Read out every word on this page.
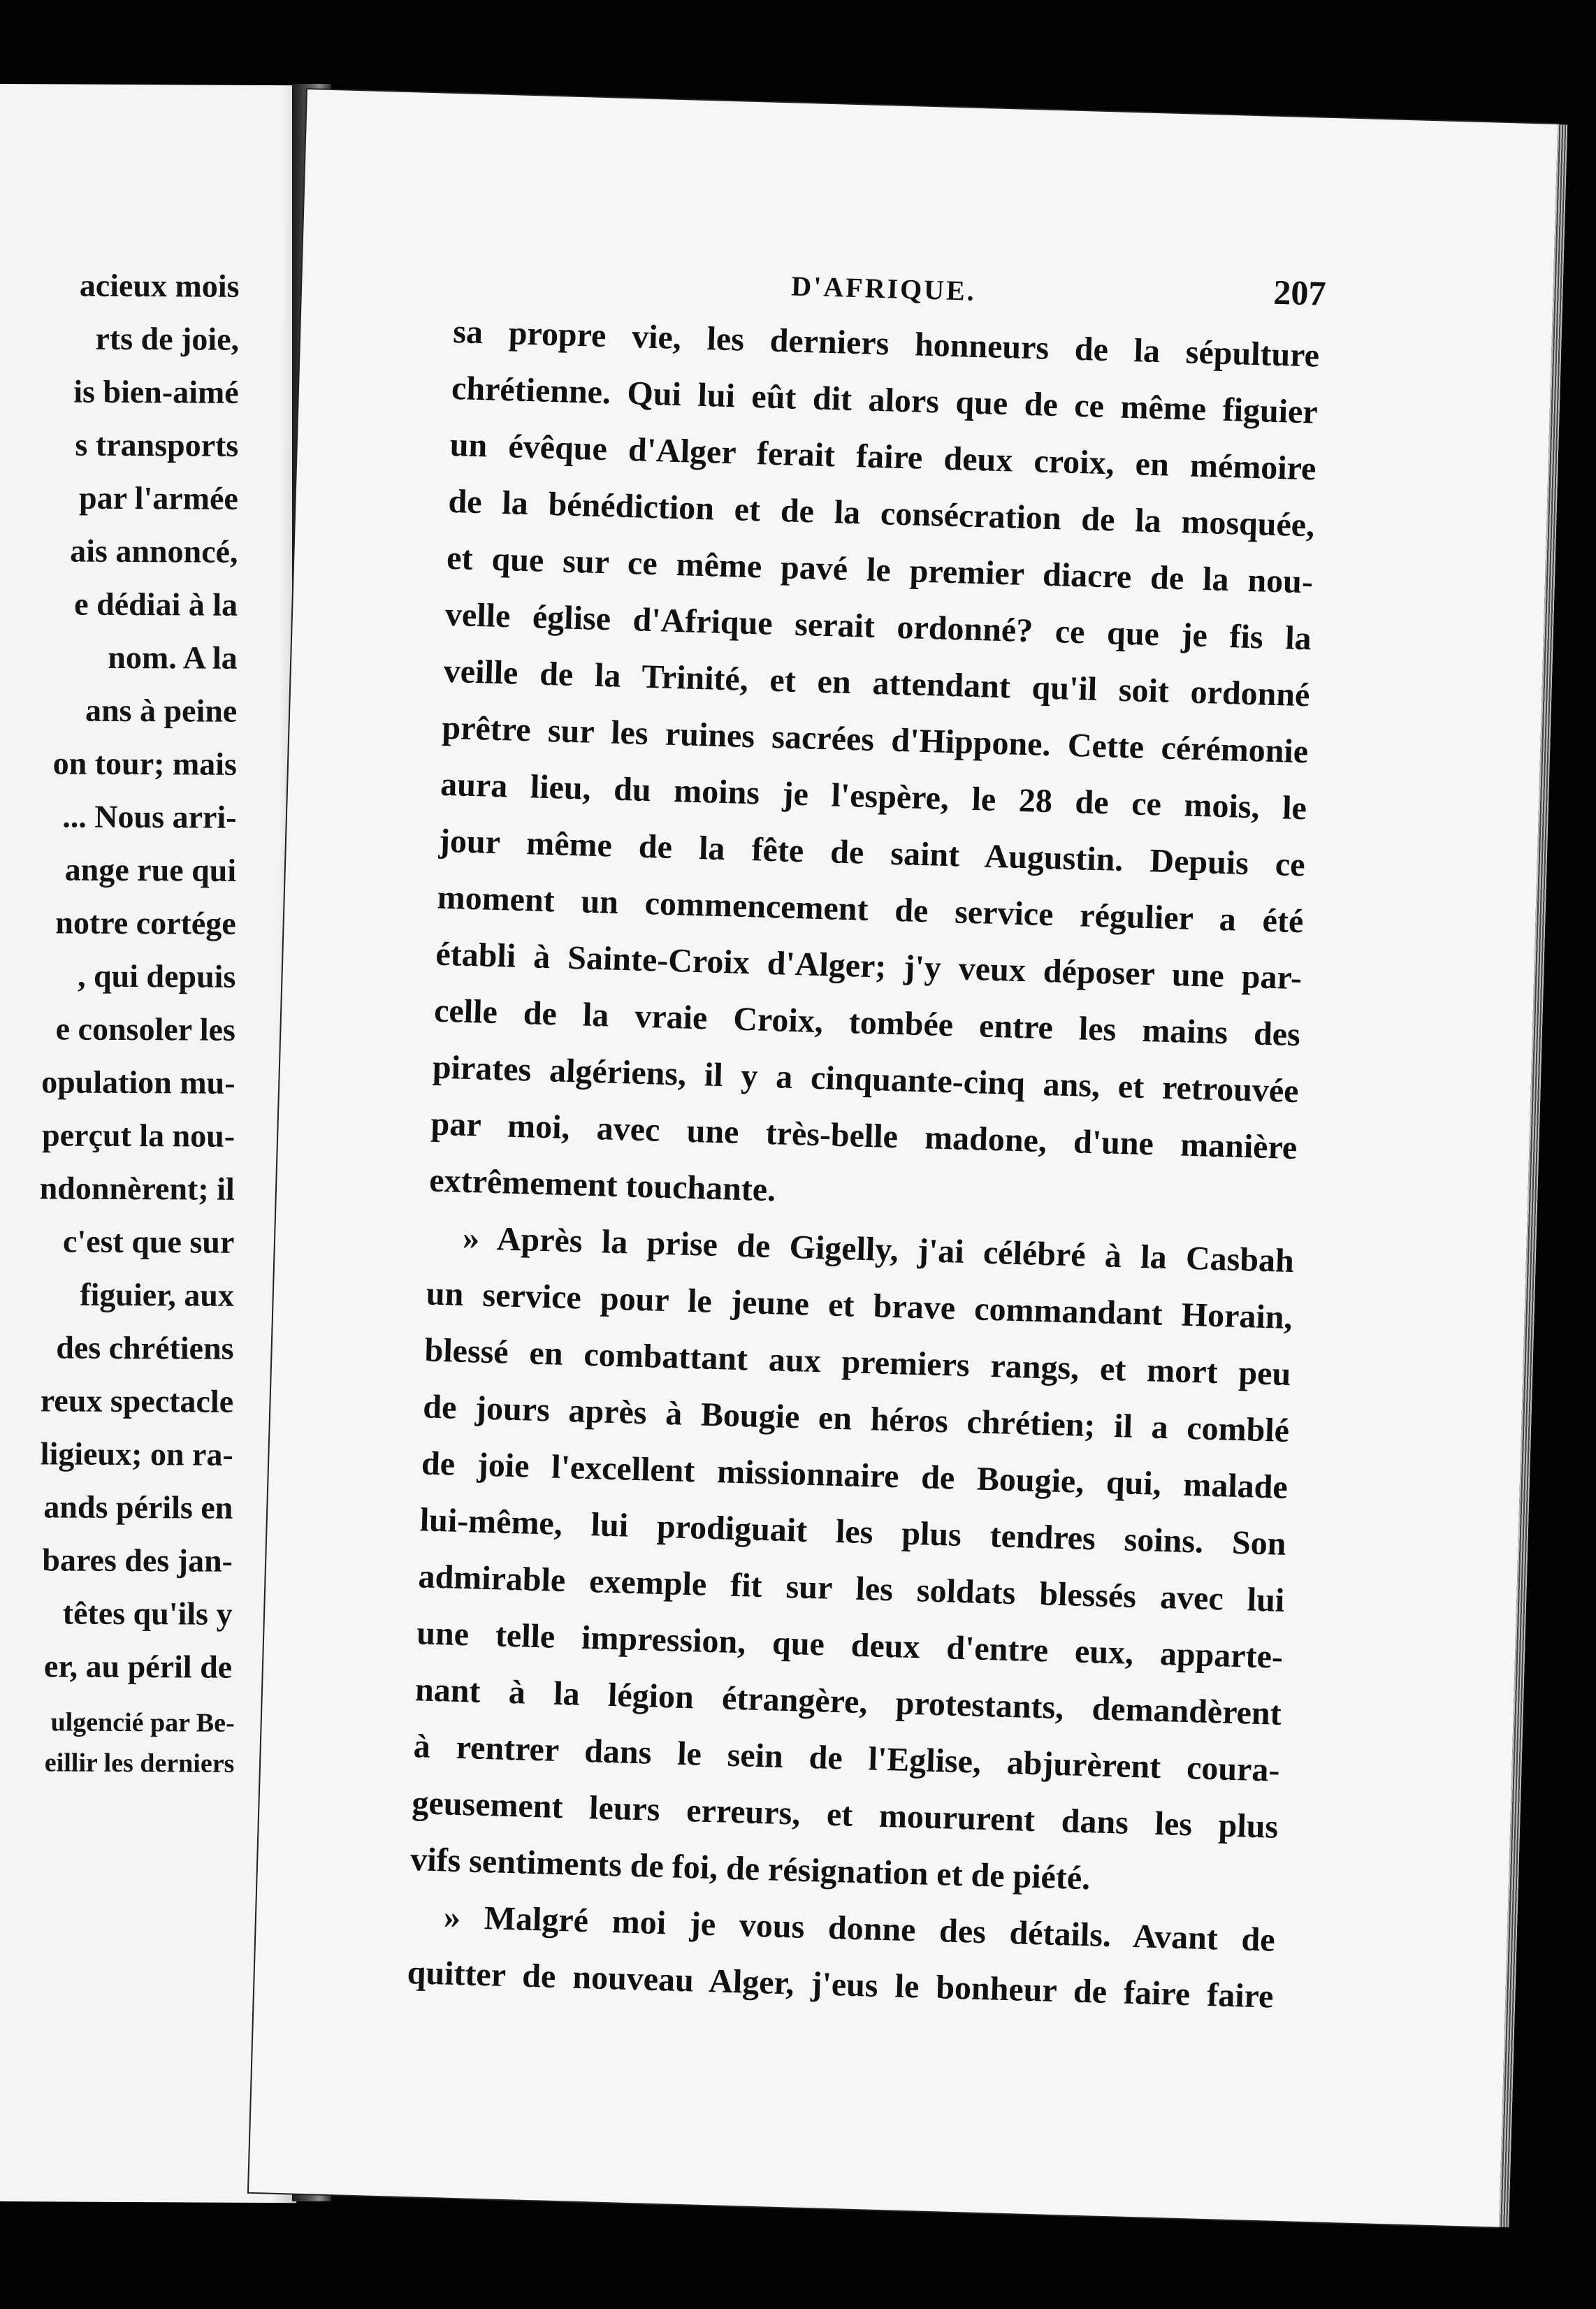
acieux mois
rts de joie,
is bien-aimé
s transports
par l'armée
ais annoncé,
e dédiai à la
nom. A la
ans à peine
on tour; mais
... Nous arri-
ange rue qui
notre cortége
, qui depuis
e consoler les
opulation mu-
perçut la nou-
ndonnèrent; il
c'est que sur
figuier, aux
des chrétiens
reux spectacle
ligieux; on ra-
ands périls en
bares des jan-
têtes qu'ils y
er, au péril de
ulgencié par Be-
eillir les derniers
D'AFRIQUE.	207
sa propre vie, les derniers honneurs de la sépulture
chrétienne. Qui lui eût dit alors que de ce même figuier
un évêque d'Alger ferait faire deux croix, en mémoire
de la bénédiction et de la consécration de la mosquée,
et que sur ce même pavé le premier diacre de la nou-
velle église d'Afrique serait ordonné? ce que je fis la
veille de la Trinité, et en attendant qu'il soit ordonné
prêtre sur les ruines sacrées d'Hippone. Cette cérémonie
aura lieu, du moins je l'espère, le 28 de ce mois, le
jour même de la fête de saint Augustin. Depuis ce
moment un commencement de service régulier a été
établi à Sainte-Croix d'Alger; j'y veux déposer une par-
celle de la vraie Croix, tombée entre les mains des
pirates algériens, il y a cinquante-cinq ans, et retrouvée
par moi, avec une très-belle madone, d'une manière
extrêmement touchante.
» Après la prise de Gigelly, j'ai célébré à la Casbah
un service pour le jeune et brave commandant Horain,
blessé en combattant aux premiers rangs, et mort peu
de jours après à Bougie en héros chrétien; il a comblé
de joie l'excellent missionnaire de Bougie, qui, malade
lui-même, lui prodiguait les plus tendres soins. Son
admirable exemple fit sur les soldats blessés avec lui
une telle impression, que deux d'entre eux, apparte-
nant à la légion étrangère, protestants, demandèrent
à rentrer dans le sein de l'Eglise, abjurèrent coura-
geusement leurs erreurs, et moururent dans les plus
vifs sentiments de foi, de résignation et de piété.
» Malgré moi je vous donne des détails. Avant de
quitter de nouveau Alger, j'eus le bonheur de faire faire
